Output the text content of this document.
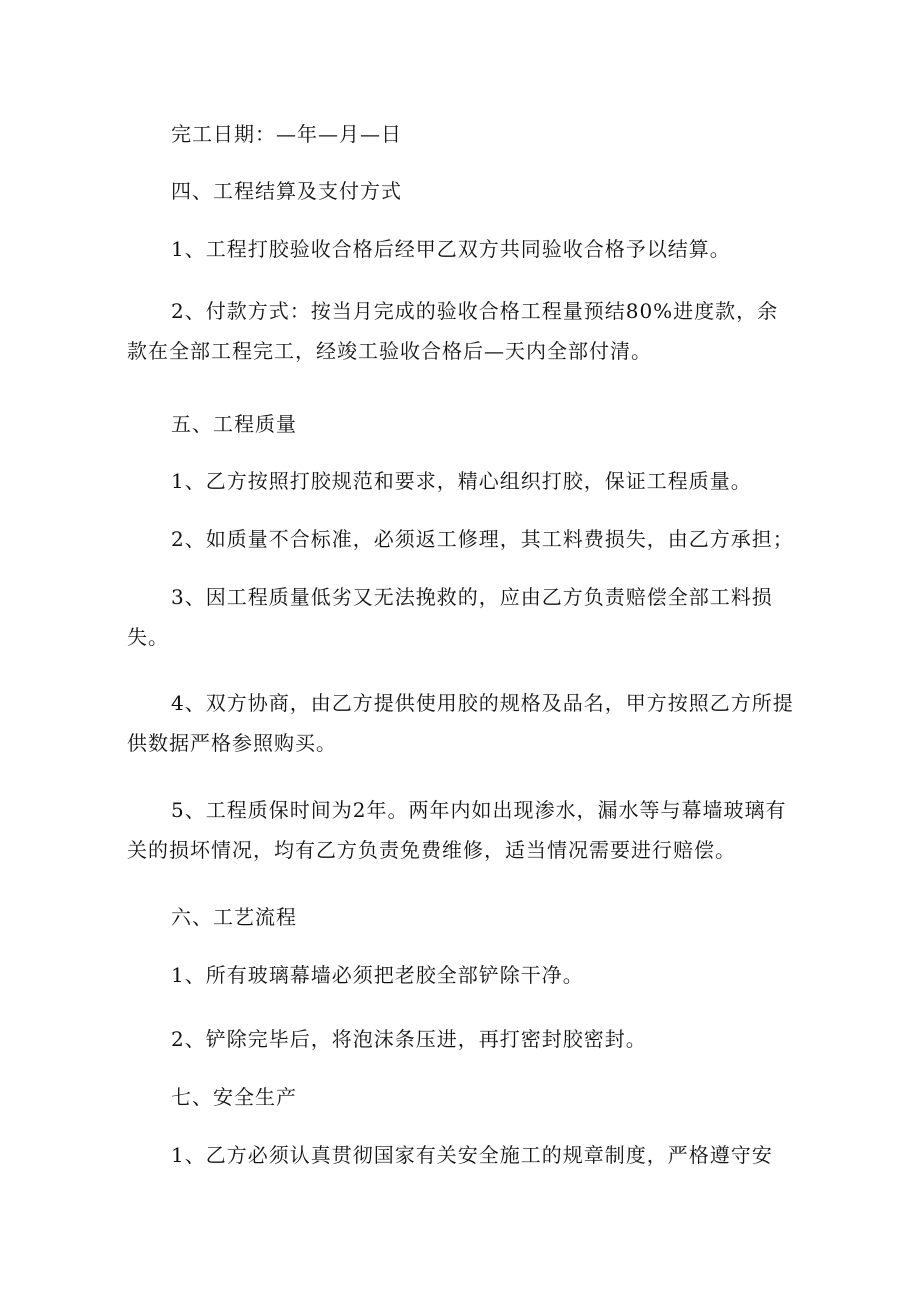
完工日期：—年—月—日

四、工程结算及支付方式

1、工程打胶验收合格后经甲乙双方共同验收合格予以结算。

2、付款方式：按当月完成的验收合格工程量预结80%进度款，余款在全部工程完工，经竣工验收合格后—天内全部付清。

五、工程质量

1、乙方按照打胶规范和要求，精心组织打胶，保证工程质量。

2、如质量不合标准，必须返工修理，其工料费损失，由乙方承担；

3、因工程质量低劣又无法挽救的，应由乙方负责赔偿全部工料损失。

4、双方协商，由乙方提供使用胶的规格及品名，甲方按照乙方所提供数据严格参照购买。

5、工程质保时间为2年。两年内如出现渗水，漏水等与幕墙玻璃有关的损坏情况，均有乙方负责免费维修，适当情况需要进行赔偿。

六、工艺流程

1、所有玻璃幕墙必须把老胶全部铲除干净。

2、铲除完毕后，将泡沫条压进，再打密封胶密封。

七、安全生产

1、乙方必须认真贯彻国家有关安全施工的规章制度，严格遵守安
